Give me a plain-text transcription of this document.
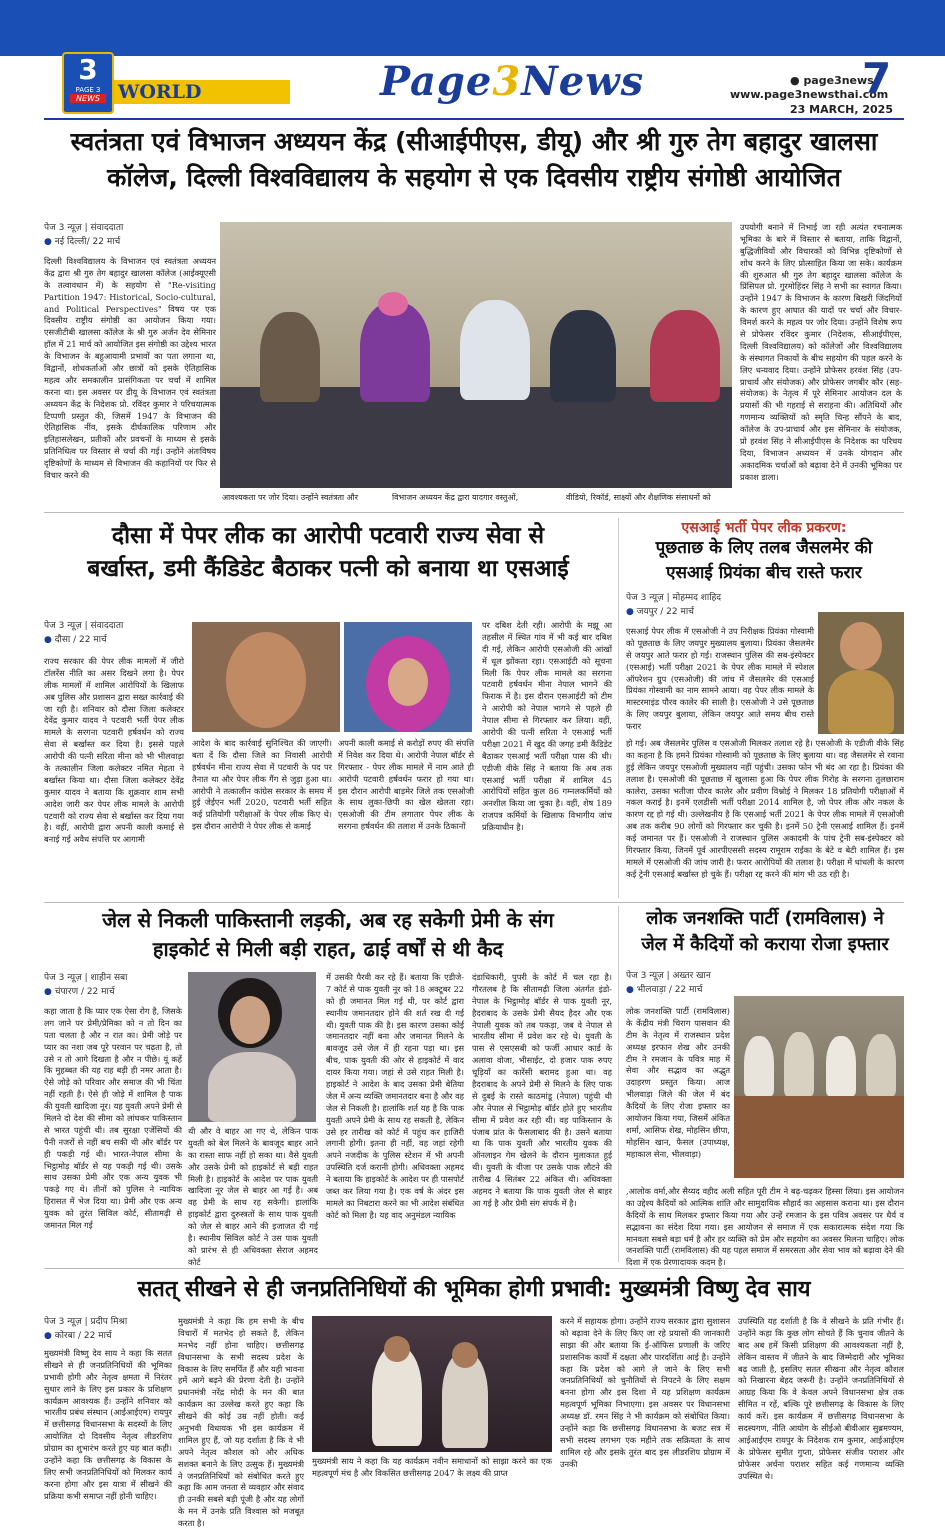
3
PAGE 3
NEWS WORLD	Page3News	● page3news
www.page3newsthai.com
7
23 MARCH, 2025
स्वतंत्रता एवं विभाजन अध्ययन केंद्र (सीआईपीएस, डीयू) और श्री गुरु तेग बहादुर खालसा
कॉलेज, दिल्ली विश्वविद्यालय के सहयोग से एक दिवसीय राष्ट्रीय संगोष्ठी आयोजित
पेज 3 न्यूज़ | संवाददाता
● नई दिल्ली/ 22 मार्च
दिल्ली विश्वविद्यालय के विभाजन एवं स्वतंत्रता अध्ययन केंद्र द्वारा श्री गुरु तेग बहादुर खालसा कॉलेज (आईक्यूएसी के तत्वावधान में) के सहयोग से "Re-visiting Partition 1947: Historical, Socio-cultural, and Political Perspectives" विषय पर एक दिवसीय राष्ट्रीय संगोष्ठी का आयोजन किया गया। एसजीटीबी खालसा कॉलेज के श्री गुरु अर्जन देव सेमिनार हॉल में 21 मार्च को आयोजित इस संगोष्ठी का उद्देश्य भारत के विभाजन के बहुआयामी प्रभावों का पता लगाना था, विद्वानों, शोधकर्ताओं और छात्रों को इसके ऐतिहासिक महत्व और समकालीन प्रासंगिकता पर चर्चा में शामिल करना था। इस अवसर पर डीयू के विभाजन एवं स्वतंत्रता अध्ययन केंद्र के निदेशक प्रो. रविंदर कुमार ने परिचयात्मक टिप्पणी प्रस्तुत की, जिसमें 1947 के विभाजन की ऐतिहासिक नींव, इसके दीर्घकालिक परिणाम और इतिहासलेखन, प्रतीकों और प्रवचनों के माध्यम से इसके प्रतिनिधित्व पर विस्तार से चर्चा की गई। उन्होंने अंतःविषय दृष्टिकोणों के माध्यम से विभाजन की कहानियों पर फिर से विचार करने की
आवश्यकता पर जोर दिया। उन्होंने स्वतंत्रता और	विभाजन अध्ययन केंद्र द्वारा यादगार वस्तुओं,	वीडियो, रिकॉर्ड, साक्ष्यों और शैक्षणिक संसाधनों को
उपयोगी बनाने में निभाई जा रही अत्यंत रचनात्मक भूमिका के बारे में विस्तार से बताया, ताकि विद्वानों, बुद्धिजीवियों और विचारकों को विभिन्न दृष्टिकोणों से शोध करने के लिए प्रोत्साहित किया जा सके। कार्यक्रम की शुरुआत श्री गुरु तेग बहादुर खालसा कॉलेज के प्रिंसिपल प्रो. गुरमोहिंदर सिंह ने सभी का स्वागत किया। उन्होंने 1947 के विभाजन के कारण बिखरी जिंदगियों के कारण हुए आघात की यादों पर चर्चा और विचार-विमर्श करने के महत्व पर जोर दिया। उन्होंने विशेष रूप से प्रोफेसर रविंदर कुमार (निदेशक, सीआईपीएस, दिल्ली विश्वविद्यालय) को कॉलेजों और विश्वविद्यालय के संस्थागत निकायों के बीच सहयोग की पहल करने के लिए धन्यवाद दिया। उन्होंने प्रोफेसर हरवंश सिंह (उप-प्राचार्य और संयोजक) और प्रोफेसर जगबीर कौर (सह-संयोजक) के नेतृत्व में पूरे सेमिनार आयोजन दल के प्रयासों की भी गहराई से सराहना की। अतिथियों और गणमान्य व्यक्तियों को स्मृति चिन्ह सौंपने के बाद, कॉलेज के उप-प्राचार्य और इस सेमिनार के संयोजक, प्रो हरवंश सिंह ने सीआईपीएस के निदेशक का परिचय दिया, विभाजन अध्ययन में उनके योगदान और अकादमिक चर्चाओं को बढ़ावा देने में उनकी भूमिका पर प्रकाश डाला।
दौसा में पेपर लीक का आरोपी पटवारी राज्य सेवा से
बर्खास्त, डमी कैंडिडेट बैठाकर पत्नी को बनाया था एसआई
पेज 3 न्यूज़ | संवाददाता
● दौसा / 22 मार्च
राज्य सरकार की पेपर लीक मामलों में जीरो टॉलरेंस नीति का असर दिखने लगा है। पेपर लीक मामलों में शामिल आरोपियों के खिलाफ अब पुलिस और प्रशासन द्वारा सख्त कार्रवाई की जा रही है। शनिवार को दौसा जिला कलेक्टर देवेंद्र कुमार यादव ने पटवारी भर्ती पेपर लीक मामले के सरगना पटवारी हर्षवर्धन को राज्य सेवा से बर्खास्त कर दिया है। इससे पहले आरोपी की पत्नी सरिता मीना को भी भीलवाड़ा के तत्कालीन जिला कलेक्टर नमित मेहता ने बर्खास्त किया था। दौसा जिला कलेक्टर देवेंद्र कुमार यादव ने बताया कि शुक्रवार शाम सभी आदेश जारी कर पेपर लीक मामले के आरोपी पटवारी को राज्य सेवा से बर्खास्त कर दिया गया है। वहीं, आरोपी द्वारा अपनी काली कमाई से बनाई गई अवैध संपत्ति पर आगामी
आदेश के बाद कार्रवाई सुनिश्चित की जाएगी। बता दें कि दौसा जिले का निवासी आरोपी हर्षवर्धन मीना राज्य सेवा में पटवारी के पद पर तैनात था और पेपर लीक गैंग से जुड़ा हुआ था। आरोपी ने तत्कालीन कांग्रेस सरकार के समय में हुई जेईएन भर्ती 2020, पटवारी भर्ती सहित कई प्रतियोगी परीक्षाओं के पेपर लीक किए थे। इस दौरान आरोपी ने पेपर लीक से कमाई
अपनी काली कमाई से करोड़ों रुपए की संपत्ति में निवेश कर दिया थे। आरोपी नेपाल बॉर्डर से गिरफ्तार - पेपर लीक मामले में नाम आते ही आरोपी पटवारी हर्षवर्धन फरार हो गया था। इस दौरान आरोपी बाड़मेर जिले तक एसओजी के साथ लुका-छिपी का खेल खेलता रहा। एसओजी की टीम लगातार पेपर लीक के सरगना हर्षवर्धन की तलाश में उनके ठिकानों
पर दबिश देती रही। आरोपी के मझू आ तहसील में स्थित गांव में भी कई बार दबिश दी गई, लेकिन आरोपी एसओजी की आंखों में धूल झोंकता रहा। एसआईटी को सूचना मिली कि पेपर लीक मामले का सरगना पटवारी हर्षवर्धन मीना नेपाल भागने की फिराक में है। इस दौरान एसआईटी को टीम ने आरोपी को नेपाल भागने से पहले ही नेपाल सीमा से गिरफ्तार कर लिया। वहीं, आरोपी की पत्नी सरिता ने एसआई भर्ती परीक्षा 2021 में खुद की जगह डमी कैंडिडेट बैठाकर एसआई भर्ती परीक्षा पास की थी। एडीजी वीके सिंह ने बताया कि अब तक एसआई भर्ती परीक्षा में शामिल 45 आरोपियों सहित कुल 86 गम्नलकर्मियों को अनशील किया जा चुका है। वहीं, शेष 189 राजपत्र कर्मियों के खिलाफ विभागीय जांच प्रक्रियाधीन है।
एसआई भर्ती पेपर लीक प्रकरण:
पूछताछ के लिए तलब जैसलमेर की
एसआई प्रियंका बीच रास्ते फरार
पेज 3 न्यूज़ | मोहम्मद शाहिद
● जयपुर / 22 मार्च
एसआई पेपर लीक में एसओजी ने उप निरीक्षक प्रियंका गोस्वामी को पूछताछ के लिए जयपुर मुख्यालय बुलाया। प्रियंका जैसलमेर से जयपुर आते फरार हो गई। राजस्थान पुलिस की सब-इंस्पेक्टर (एसआई) भर्ती परीक्षा 2021 के पेपर लीक मामले में स्पेशल ऑपरेशन ग्रुप (एसओजी) की जांच में जैसलमेर की एसआई प्रियंका गोस्वामी का नाम सामने आया। वह पेपर लीक मामले के मास्टरमाइंड पौरव कालेर की साली है। एसओजी ने उसे पूछताछ के लिए जयपुर बुलाया, लेकिन जयपुर आते समय बीच रास्ते फरार
हो गई। अब जैसलमेर पुलिस व एसओजी मिलकर तलाश रहे है। एसओजी के एडीजी वीके सिंह का कहना है कि हमने प्रियंका गोस्वामी को पूछताछ के लिए बुलाया था। वह जैसलमेर से रवाना हुई लेकिन जयपुर एसओजी मुख्यालय नहीं पहुंची। उसका फोन भी बंद आ रहा है। प्रियंका की तलाश है। एसओजी की पूछताछ में खुलासा हुआ कि पेपर लीक गिरोह के सरगना तुलछाराम कालेरा, उसका भतीजा पौरव कालेर और प्रवीण विश्नोई ने मिलकर 18 प्रतियोगी परीक्षाओं में नकल कराई है। इनमें एलडीसी भर्ती परीक्षा 2014 शामिल है, जो पेपर लीक और नकल के कारण रद्द हो गई थी। उल्लेखनीय है कि एसआई भर्ती 2021 के पेपर लीक मामले में एसओजी अब तक करीब 90 लोगों को गिरफ्तार कर चुकी है। इनमें 50 ट्रेनी एसआई शामिल हैं। इनमें कई जमानत पर हैं। एसओजी ने राजस्थान पुलिस अकादमी के पांच ट्रेनी सब-इंस्पेक्टर को गिरफ्तार किया, जिनमें पूर्व आरपीएससी सदस्य रामूराम राईका के बेटे व बेटी शामिल हैं। इस मामले में एसओजी की जांच जारी है। फरार आरोपियों की तलाश है। परीक्षा में धांधली के कारण कई ट्रेनी एसआई बर्खास्त हो चुके हैं। परीक्षा रद्द करने की मांग भी उठ रही है।
जेल से निकली पाकिस्तानी लड़की, अब रह सकेगी प्रेमी के संग
हाइकोर्ट से मिली बड़ी राहत, ढाई वर्षों से थी कैद
पेज 3 न्यूज़ | शाहीन सबा
● चंपारण / 22 मार्च
कहा जाता है कि प्यार एक ऐसा रोग है, जिसके लग जाने पर प्रेमी/प्रेमिका को न तो दिन का पता चलता है और न रात का। प्रेमी जोड़े पर प्यार का नशा जब पूरे परवान पर चढ़ता है, तो उसे न तो आगे दिखता है और न पीछे। यूं कहें कि मुहब्बत की यह राह बड़ी ही नमर आता है। ऐसे जोड़े को परिवार और समाज की भी चिंता नहीं रहती है। ऐसे ही जोड़े में शामिल है पाक की युवती खादिजा नूर। यह युवती अपने प्रेमी से मिलने दो देश की सीमा को लांघकर पाकिस्तान से भारत पहुंची थी। तब सुरक्षा एजेंसियों की पैनी नजरों से नहीं बच सकी थी और बॉर्डर पर ही पकड़ी गई थी। भारत-नेपाल सीमा के भिट्ठामोड़ बॉर्डर से यह पकड़ी गई थी। उसके साथ उसका प्रेमी और एक अन्य युवक भी पकड़े गए थे। तीनों को पुलिस ने न्यायिक हिरासत में भेज दिया था। प्रेमी और एक अन्य युवक को तुरंत सिविल कोर्ट, सीतामढ़ी से जमानत मिल गई
थी और वे बाहर आ गए थे, लेकिन पाक युवती को बेल मिलने के बावजूद बाहर आने का रास्ता साफ नहीं हो सका था। वैसे युवती और उसके प्रेमी को हाइकोर्ट से बड़ी राहत मिली है। हाइकोर्ट के आदेश पर पाक युवती खादिजा नूर जेल से बाहर आ गई है। अब वह प्रेमी के साथ रह सकेगी। हालांकि हाइकोर्ट द्वारा दुरुस्त्रतों के साथ पाक युवती को जेल से बाहर आने की इजाजत दी गई है। स्थानीय सिविल कोर्ट ने उस पाक युवती को प्रारंभ से ही अधिवक्ता सेराज अहमद कोर्ट
में उसकी पैरवी कर रहे हैं। बताया कि एडीजे- 7 कोर्ट से पाक युवती नूर को 18 अक्टूबर 22 को ही जमानत मिल गई थी, पर कोर्ट द्वारा स्थानीय जमानतदार होने की शर्त रख दी गई थी। युवती पाक की है। इस कारण उसका कोई जमानतदार नहीं बना और जमानत मिलने के बावजूद उसे जेल में ही रहना पड़ा था। इस बीच, पाक युवती की ओर से हाइकोर्ट में वाद दायर किया गया। जहां से उसे राहत मिली है। हाइकोर्ट ने आदेश के बाद उसका प्रेमी बेतिया जेल में अन्य व्यक्ति जमानतदार बना है और वह जेल से निकली है। हालांकि शर्त यह है कि पाक युवती अपने प्रेमी के साथ रह सकती है, लेकिन उसे हर तारीख को कोर्ट में पहुंच कर हाजिरी लगानी होगी। इतना ही नहीं, वह जहां रहेगी अपने नजदीक के पुलिस स्टेशन में भी अपनी उपस्थिति दर्ज करानी होगी। अधिवक्ता अहमद ने बताया कि हाइकोर्ट के आदेश पर ही पासपोर्ट जब्त कर लिया गया है। एक वर्ष के अंदर इस मामले का निबटारा करने का भी आदेश संबंधित कोर्ट को मिला है। यह वाद अनुमंडल न्यायिक
दंडाधिकारी, पुपरी के कोर्ट में चल रहा है। गौरतलब है कि सीतामढ़ी जिला अंतर्गत इंडो-नेपाल के भिट्ठामोड़ बॉर्डर से पाक युवती नूर, हैदराबाद के उसके प्रेमी सैयद हैदर और एक नेपाली युवक को तब पकड़ा, जब वे नेपाल से भारतीय सीमा में प्रवेश कर रहे थे। युवती के पास से एसएसबी को फर्जी आधार कार्ड के अलावा वोजा, भीसाईट, दो हजार पाक रुपए चूड़ियाँ का कारेंसी बरामद हुआ था। वह हैदराबाद के अपने प्रेमी से मिलने के लिए पाक से दुबई के रास्ते काठमांडू (नेपाल) पहुंची थी और नेपाल से भिट्ठामोड़ बॉर्डर होते हुए भारतीय सीमा में प्रवेश कर रही थी। वह पाकिस्तान के पंजाब प्रांत के फैसलाबाद की है। उसने बताया था कि पाक युवती और भारतीय युवक की ऑनलाइन गेम खेलने के दौरान मुलाकात हुई थी। युवती के वीजा पर उसके पाक लौटने की तारीख 4 सितंबर 22 अंकित थी। अधिवक्ता अहमद ने बताया कि पाक युवती जेल से बाहर आ गई है और प्रेमी संग संपर्क में है।
लोक जनशक्ति पार्टी (रामविलास) ने
जेल में कैदियों को कराया रोजा इफ्तार
पेज 3 न्यूज़ | अख्तर खान
● भीलवाड़ा / 22 मार्च
लोक जनशक्ति पार्टी (रामविलास) के केंद्रीय मंत्री चिराग पासवान की टीम के नेतृत्व में राजस्थान प्रदेश अध्यक्ष इरफान शेख और उनकी टीम ने रमजान के पवित्र माह में सेवा और सद्भाव का अद्भुत उदाहरण प्रस्तुत किया। आज भीलवाड़ा जिले की जेल में बंद कैदियों के लिए रोजा इफ्तार का आयोजन किया गया, जिसमें अंकित शर्मा, आसिफ शेख, मोहसिन छीपा, मोहसिन खान, फैसल (उपाध्यक्ष, महाकाल सेना, भीलवाड़ा)
,आलोक वर्मा,और सैय्यद वहीद अली सहित पूरी टीम ने बढ़-चढ़कर हिस्सा लिया। इस आयोजन का उद्देश्य कैदियों को आत्मिक शांति और सामुदायिक सौहार्द का अहसास कराना था। इस दौरान कैदियों के साथ मिलकर इफ्तार किया गया और उन्हें रमजान के इस पवित्र अवसर पर धैर्य व सद्भावना का संदेश दिया गया। इस आयोजन से समाज में एक सकारात्मक संदेश गया कि मानवता सबसे बड़ा धर्म है और हर व्यक्ति को प्रेम और सहयोग का अवसर मिलना चाहिए। लोक जनशक्ति पार्टी (रामविलास) की यह पहल समाज में समरसता और सेवा भाव को बढ़ावा देने की दिशा में एक प्रेरणादायक कदम है।
सतत् सीखने से ही जनप्रतिनिधियों की भूमिका होगी प्रभावी: मुख्यमंत्री विष्णु देव साय
पेज 3 न्यूज़ | प्रदीप मिश्रा
● कोरबा / 22 मार्च
मुख्यमंत्री विष्णु देव साय ने कहा कि सतत सीखने से ही जनप्रतिनिधियों की भूमिका प्रभावी होगी और नेतृत्व क्षमता में निरंतर सुधार लाने के लिए इस प्रकार के प्रशिक्षण कार्यक्रम आवश्यक हैं। उन्होंने शनिवार को भारतीय प्रबंध संस्थान (आईआईएम) रायपुर में छत्तीसगढ़ विधानसभा के सदस्यों के लिए आयोजित दो दिवसीय नेतृत्व लीडरशिप प्रोग्राम का शुभारंभ करते हुए यह बात कही। उन्होंने कहा कि छत्तीसगढ़ के विकास के लिए सभी जनप्रतिनिधियों को मिलकर कार्य करना होगा और इस यात्रा में सीखने की प्रक्रिया कभी समाप्त नहीं होनी चाहिए।
मुख्यमंत्री ने कहा कि हम सभी के बीच विचारों में मतभेद हो सकते हैं, लेकिन मनभेद नहीं होना चाहिए। छत्तीसगढ़ विधानसभा के सभी सदस्य प्रदेश के विकास के लिए समर्पित हैं और यही भावना हमें आगे बढ़ने की प्रेरणा देती है। उन्होंने प्रधानमंत्री नरेंद्र मोदी के मन की बात कार्यक्रम का उल्लेख करते हुए कहा कि सीखने की कोई उम्र नहीं होती। कई अनुभवी विधायक भी इस कार्यक्रम में शामिल हुए हैं, जो यह दर्शाता है कि वे भी अपने नेतृत्व कौशल को और अधिक सशक्त बनाने के लिए उत्सुक हैं। मुख्यमंत्री ने जनप्रतिनिधियों को संबोधित करते हुए कहा कि आम जनता से व्यवहार और संवाद ही उनकी सबसे बड़ी पूंजी है और यह लोगों के मन में उनके प्रति विश्वास को मजबूत करता है।
मुख्यमंत्री साय ने कहा कि यह कार्यक्रम नवीन समाधानों को साझा करने का एक महत्वपूर्ण मंच है और विकसित छत्तीसगढ़ 2047 के लक्ष्य की प्राप्त
करने में सहायक होगा। उन्होंने राज्य सरकार द्वारा सुशासन को बढ़ावा देने के लिए किए जा रहे प्रयासों की जानकारी साझा की और बताया कि ई-ऑफिस प्रणाली के जरिए प्रशासनिक कार्यों में दक्षता और पारदर्शिता आई है। उन्होंने कहा कि प्रदेश को आगे ले जाने के लिए सभी जनप्रतिनिधियों को चुनौतियों से निपटने के लिए सक्षम बनना होगा और इस दिशा में यह प्रशिक्षण कार्यक्रम महत्वपूर्ण भूमिका निभाएगा। इस अवसर पर विधानसभा अध्यक्ष डॉ. रमन सिंह ने भी कार्यक्रम को संबोधित किया। उन्होंने कहा कि छत्तीसगढ़ विधानसभा के बजट सत्र में सभी सदस्य लगभग एक महीने तक सक्रियता के साथ शामिल रहे और इसके तुरंत बाद इस लीडरशिप प्रोग्राम में उनकी
उपस्थिति यह दर्शाती है कि वे सीखने के प्रति गंभीर हैं। उन्होंने कहा कि कुछ लोग सोचते हैं कि चुनाव जीतने के बाद अब हमें किसी प्रशिक्षण की आवश्यकता नहीं है, लेकिन वास्तव में जीतने के बाद जिम्मेदारी और भूमिका बढ़ जाती है, इसलिए सतत सीखना और नेतृत्व कौशल को निखारना बेहद जरूरी है। उन्होंने जनप्रतिनिधियों से आग्रह किया कि वे केवल अपने विधानसभा क्षेत्र तक सीमित न रहें, बल्कि पूरे छत्तीसगढ़ के विकास के लिए कार्य करें। इस कार्यक्रम में छत्तीसगढ़ विधानसभा के सदस्यगण, नीति आयोग के सीईओ बीवीआर सुब्रमण्यम, आईआईएम रायपुर के निदेशक राम कुमार, आईआईएम के प्रोफेसर सुमीत गुप्ता, प्रोफेसर संजीव पराशर और प्रोफेसर अर्चना पराशर सहित कई गणमान्य व्यक्ति उपस्थित थे।
